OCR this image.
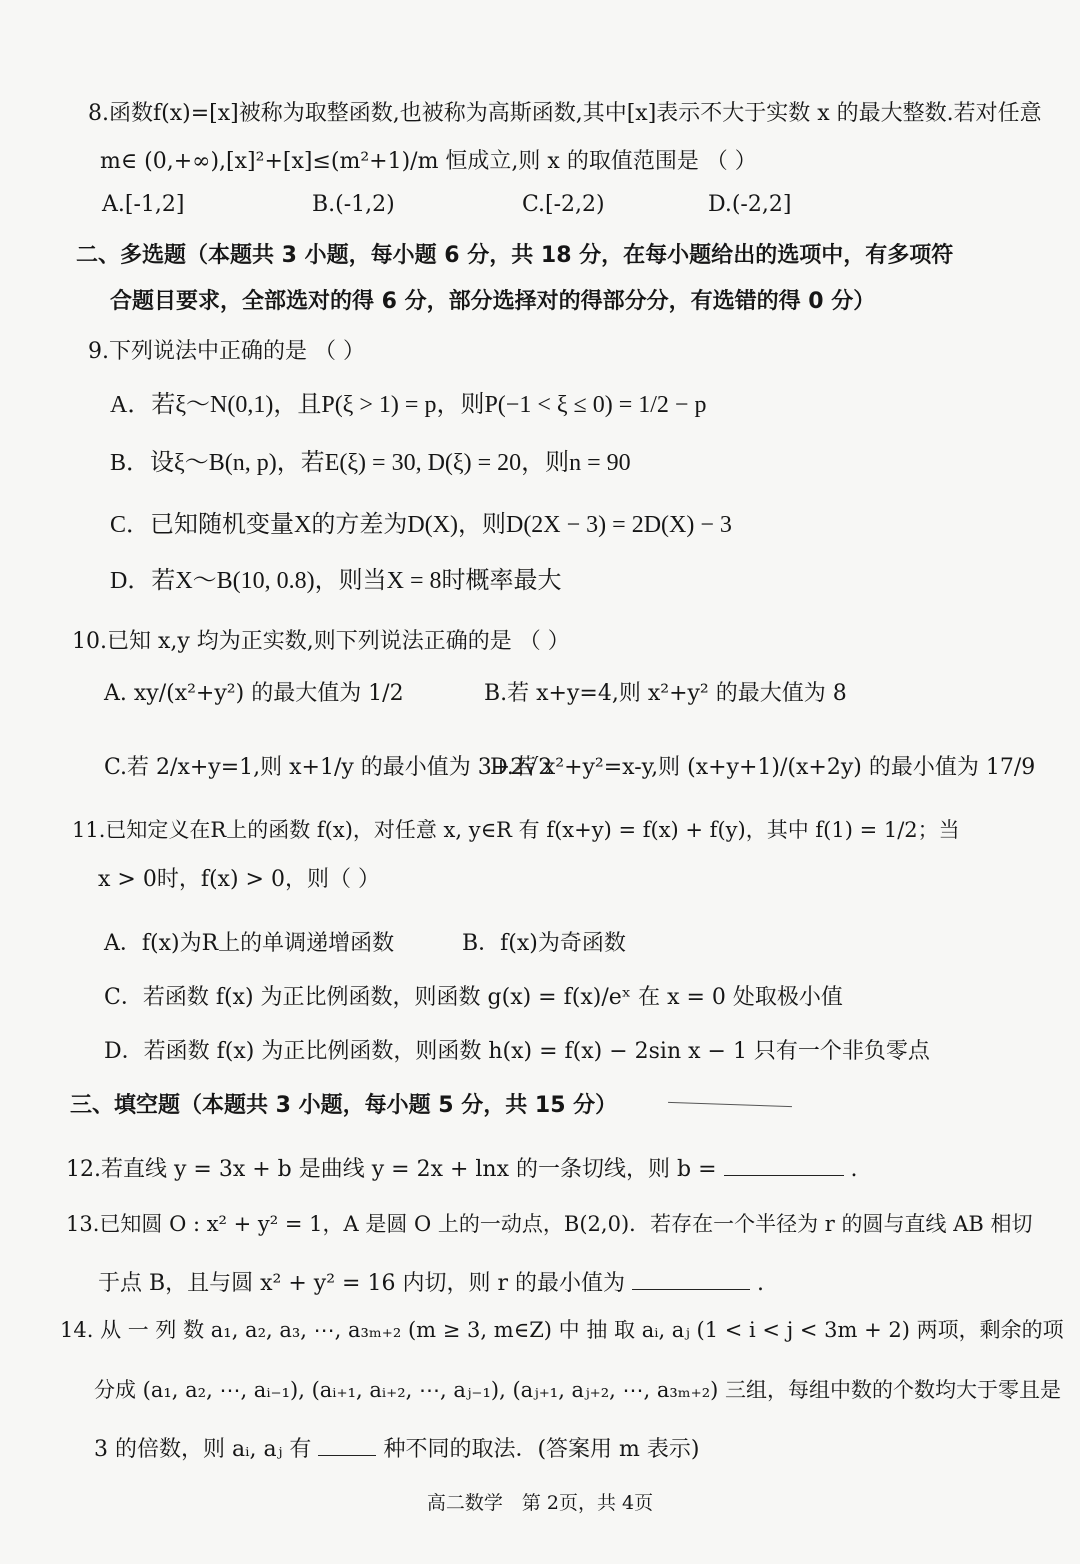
8.函数f(x)=[x]被称为取整函数,也被称为高斯函数,其中[x]表示不大于实数 x 的最大整数.若对任意
m∈ (0,+∞),[x]²+[x]≤(m²+1)/m 恒成立,则 x 的取值范围是 （ ）
A.[-1,2]	B.(-1,2)	C.[-2,2)	D.(-2,2]
二、多选题（本题共 3 小题，每小题 6 分，共 18 分，在每小题给出的选项中，有多项符
合题目要求，全部选对的得 6 分，部分选择对的得部分分，有选错的得 0 分）
9.下列说法中正确的是 （ ）
A．若ξ～N(0,1)，且P(ξ > 1) = p，则P(−1 < ξ ≤ 0) = 1/2 − p
B．设ξ～B(n, p)，若E(ξ) = 30, D(ξ) = 20，则n = 90
C．已知随机变量X的方差为D(X)，则D(2X − 3) = 2D(X) − 3
D．若X～B(10, 0.8)，则当X = 8时概率最大
10.已知 x,y 均为正实数,则下列说法正确的是 （ ）
A. xy/(x²+y²) 的最大值为 1/2	B.若 x+y=4,则 x²+y² 的最大值为 8
C.若 2/x+y=1,则 x+1/y 的最小值为 3+2√2
D.若 x²+y²=x-y,则 (x+y+1)/(x+2y) 的最小值为 17/9
11.已知定义在R上的函数 f(x)，对任意 x, y∈R 有 f(x+y) = f(x) + f(y)，其中 f(1) = 1/2；当
x > 0时，f(x) > 0，则（ ）
A．f(x)为R上的单调递增函数	B．f(x)为奇函数
C．若函数 f(x) 为正比例函数，则函数 g(x) = f(x)/eˣ 在 x = 0 处取极小值
D．若函数 f(x) 为正比例函数，则函数 h(x) = f(x) − 2sin x − 1 只有一个非负零点
三、填空题（本题共 3 小题，每小题 5 分，共 15 分）
12.若直线 y = 3x + b 是曲线 y = 2x + lnx 的一条切线，则 b =	.
13.已知圆 O : x² + y² = 1，A 是圆 O 上的一动点，B(2,0)．若存在一个半径为 r 的圆与直线 AB 相切
于点 B，且与圆 x² + y² = 16 内切，则 r 的最小值为	.
14. 从 一 列 数 a₁, a₂, a₃, ⋯, a₃ₘ₊₂ (m ≥ 3, m∈Z) 中 抽 取 aᵢ, aⱼ (1 < i < j < 3m + 2) 两项，剩余的项
分成 (a₁, a₂, ⋯, aᵢ₋₁), (aᵢ₊₁, aᵢ₊₂, ⋯, aⱼ₋₁), (aⱼ₊₁, aⱼ₊₂, ⋯, a₃ₘ₊₂) 三组，每组中数的个数均大于零且是
3 的倍数，则 aᵢ, aⱼ 有	种不同的取法．(答案用 m 表示)
高二数学　第 2页，共 4页
